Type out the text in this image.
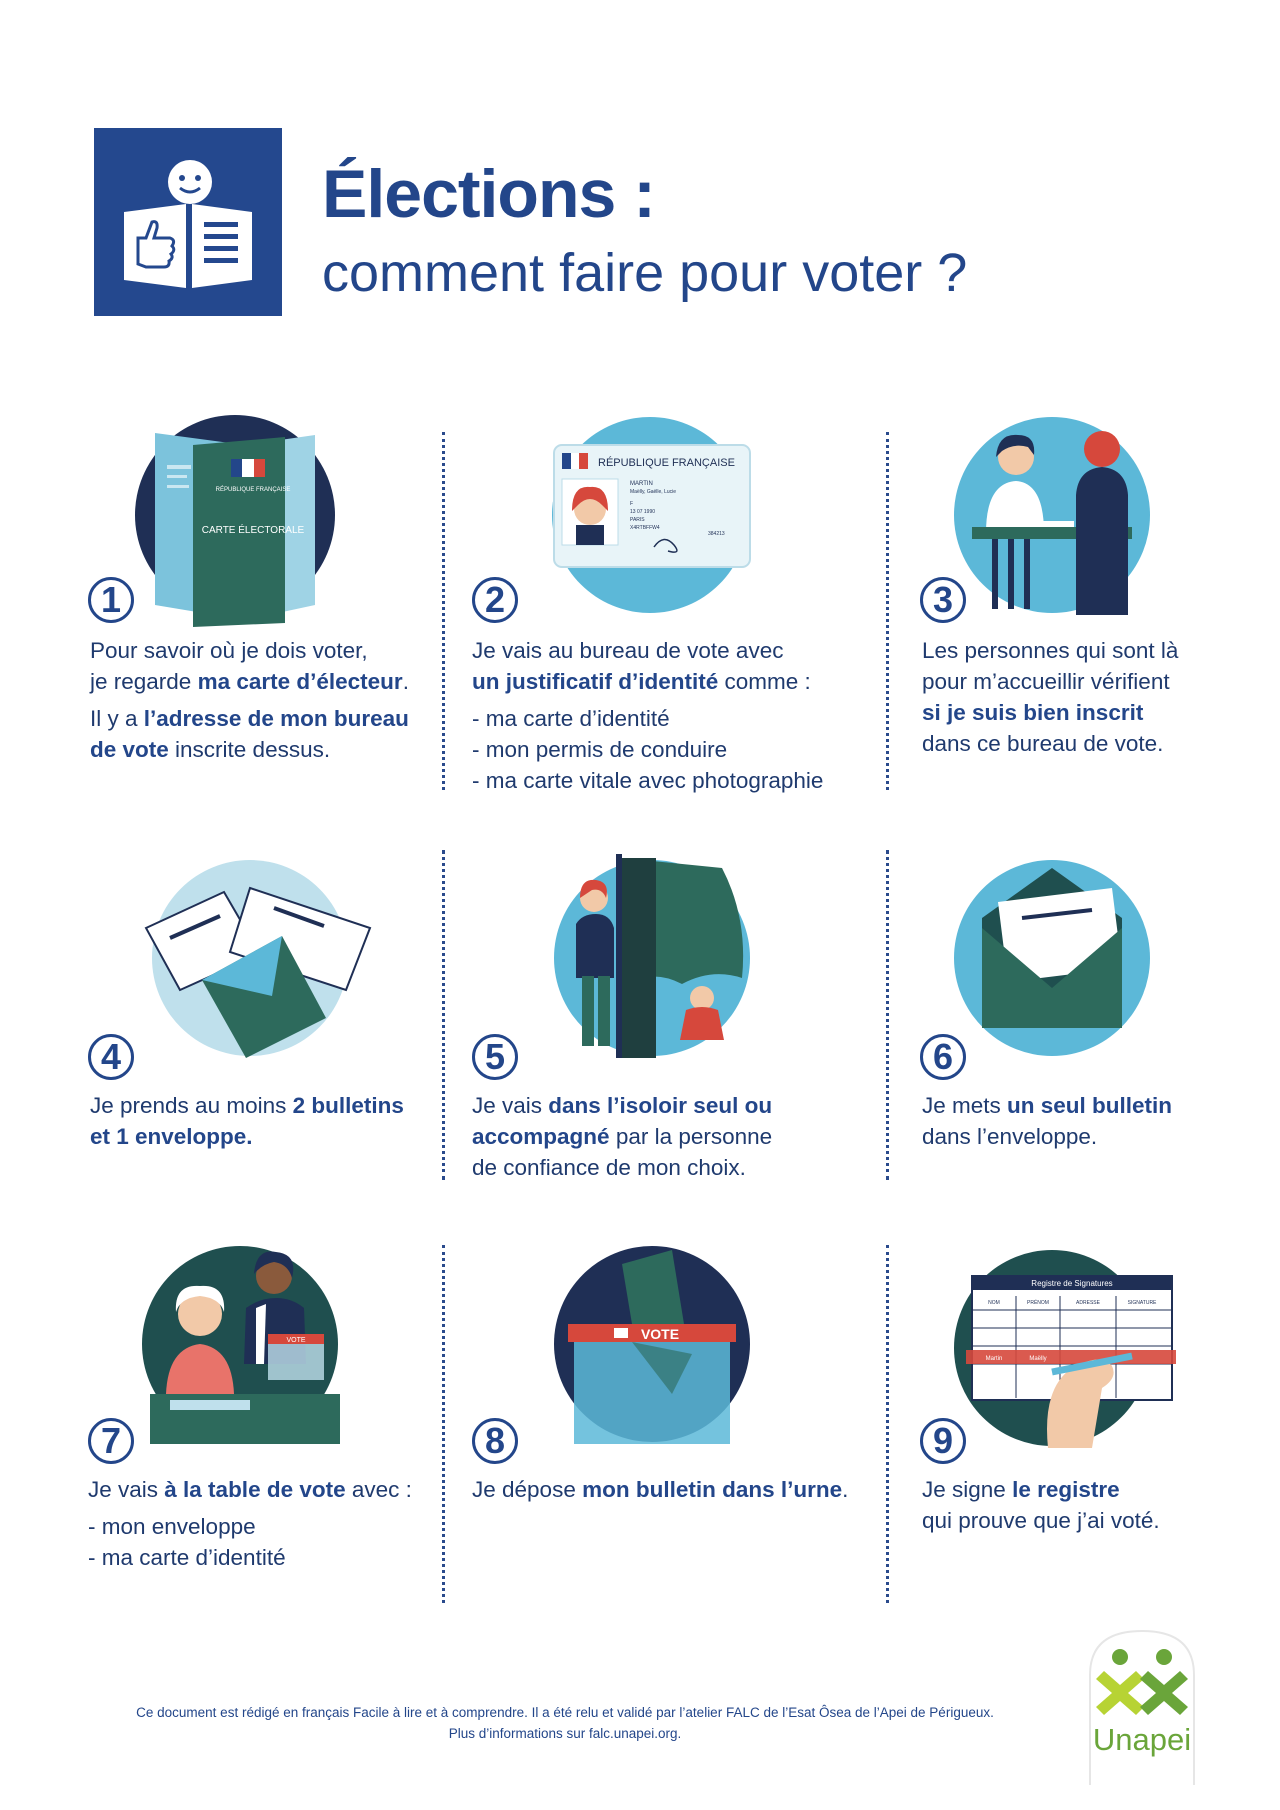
Élections :
comment faire pour voter ?
RÉPUBLIQUE FRANÇAISE
CARTE ÉLECTORALE
1

Pour savoir où je dois voter,

je regarde ma carte d’électeur.

Il y a l’adresse de mon bureau

de vote inscrite dessus.

RÉPUBLIQUE FRANÇAISE
MARTIN
Maëlly, Gaëlle, Lucie
F
13 07 1990
PARIS
X4RTBFFW4
384213
2

Je vais au bureau de vote avec

un justificatif d’identité comme :

- ma carte d’identité

- mon permis de conduire

- ma carte vitale avec photographie

3

Les personnes qui sont là

pour m’accueillir vérifient

si je suis bien inscrit

dans ce bureau de vote.

4

Je prends au moins 2 bulletins

et 1 enveloppe.

5

Je vais dans l’isoloir seul ou

accompagné par la personne

de confiance de mon choix.

6

Je mets un seul bulletin

dans l’enveloppe.

VOTE
7

Je vais à la table de vote avec :

- mon enveloppe

- ma carte d’identité

VOTE
8

Je dépose mon bulletin dans l’urne.

Registre de Signatures
NOM	PRÉNOM	ADRESSE	SIGNATURE
Martin	Maëlly
9

Je signe le registre

qui prouve que j’ai voté.

Ce document est rédigé en français Facile à lire et à comprendre. Il a été relu et validé par l’atelier FALC de l’Esat Ôsea de l’Apei de Périgueux.
Plus d’informations sur falc.unapei.org.	Unapei
